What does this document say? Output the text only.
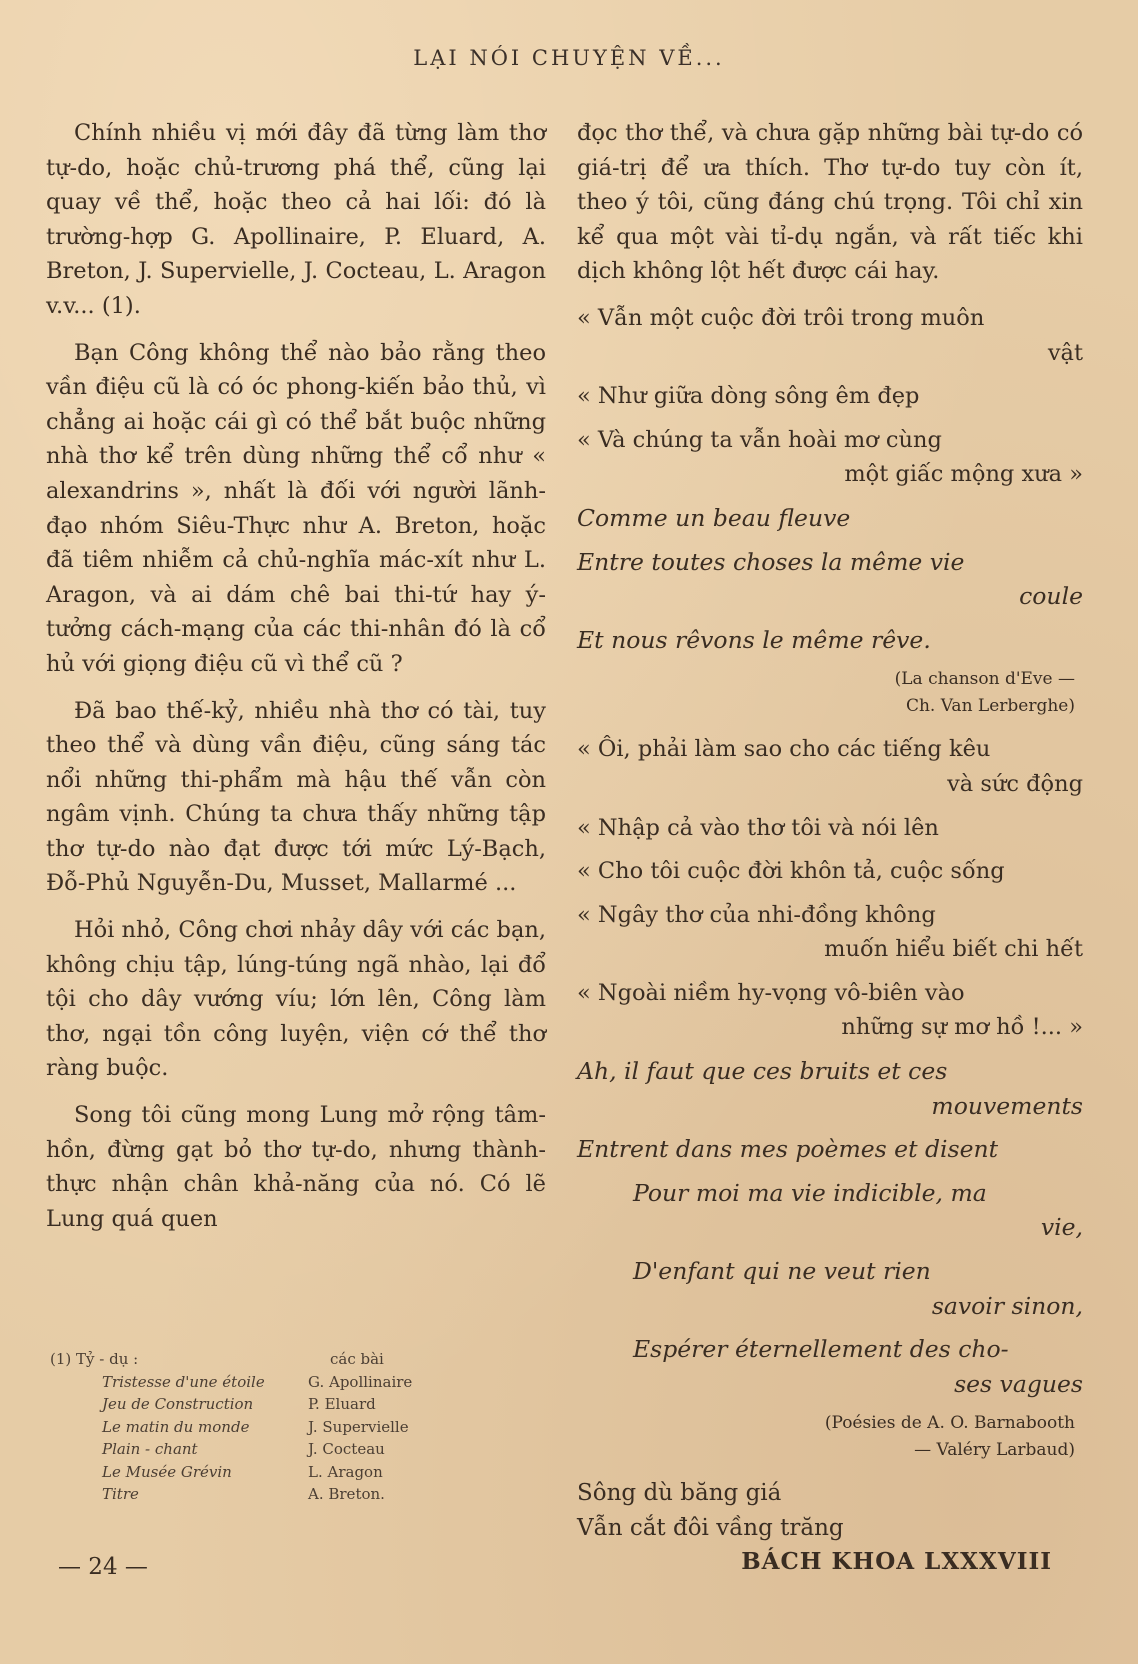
LẠI NÓI CHUYỆN VỀ...

Chính nhiều vị mới đây đã từng làm thơ tự-do, hoặc chủ-trương phá thể, cũng lại quay về thể, hoặc theo cả hai lối: đó là trường-hợp G. Apollinaire, P. Eluard, A. Breton, J. Supervielle, J. Cocteau, L. Aragon v.v... (1).

Bạn Công không thể nào bảo rằng theo vần điệu cũ là có óc phong-kiến bảo thủ, vì chẳng ai hoặc cái gì có thể bắt buộc những nhà thơ kể trên dùng những thể cổ như « alexandrins », nhất là đối với người lãnh-đạo nhóm Siêu-Thực như A. Breton, hoặc đã tiêm nhiễm cả chủ-nghĩa mác-xít như L. Aragon, và ai dám chê bai thi-tứ hay ý-tưởng cách-mạng của các thi-nhân đó là cổ hủ với giọng điệu cũ vì thể cũ ?

Đã bao thế-kỷ, nhiều nhà thơ có tài, tuy theo thể và dùng vần điệu, cũng sáng tác nổi những thi-phẩm mà hậu thế vẫn còn ngâm vịnh. Chúng ta chưa thấy những tập thơ tự-do nào đạt được tới mức Lý-Bạch, Đỗ-Phủ Nguyễn-Du, Musset, Mallarmé ...

Hỏi nhỏ, Công chơi nhảy dây với các bạn, không chịu tập, lúng-túng ngã nhào, lại đổ tội cho dây vướng víu; lớn lên, Công làm thơ, ngại tồn công luyện, viện cớ thể thơ ràng buộc.

Song tôi cũng mong Lung mở rộng tâm-hồn, đừng gạt bỏ thơ tự-do, nhưng thành-thực nhận chân khả-năng của nó. Có lẽ Lung quá quen

đọc thơ thể, và chưa gặp những bài tự-do có giá-trị để ưa thích. Thơ tự-do tuy còn ít, theo ý tôi, cũng đáng chú trọng. Tôi chỉ xin kể qua một vài tỉ-dụ ngắn, và rất tiếc khi dịch không lột hết được cái hay.

« Vẫn một cuộc đời trôi trong muôn
vật
« Như giữa dòng sông êm đẹp
« Và chúng ta vẫn hoài mơ cùng
một giấc mộng xưa »
Comme un beau fleuve
Entre toutes choses la même vie
coule
Et nous rêvons le même rêve.
(La chanson d'Eve —
Ch. Van Lerberghe)
« Ôi, phải làm sao cho các tiếng kêu
và sức động
« Nhập cả vào thơ tôi và nói lên
« Cho tôi cuộc đời khôn tả, cuộc sống
« Ngây thơ của nhi-đồng không
muốn hiểu biết chi hết
« Ngoài niềm hy-vọng vô-biên vào
những sự mơ hồ !... »
Ah, il faut que ces bruits et ces
mouvements
Entrent dans mes poèmes et disent
Pour moi ma vie indicible, ma
vie,
D'enfant qui ne veut rien
savoir sinon,
Espérer éternellement des cho-
ses vagues
(Poésies de A. O. Barnabooth
— Valéry Larbaud)
Sông dù băng giá
Vẫn cắt đôi vầng trăng
(1) Tỷ - dụ :	các bài
Tristesse d'une étoile	G. Apollinaire
Jeu de Construction	P. Eluard
Le matin du monde	J. Supervielle
Plain - chant	J. Cocteau
Le Musée Grévin	L. Aragon
Titre	A. Breton.
— 24 —	BÁCH KHOA LXXXVIII
